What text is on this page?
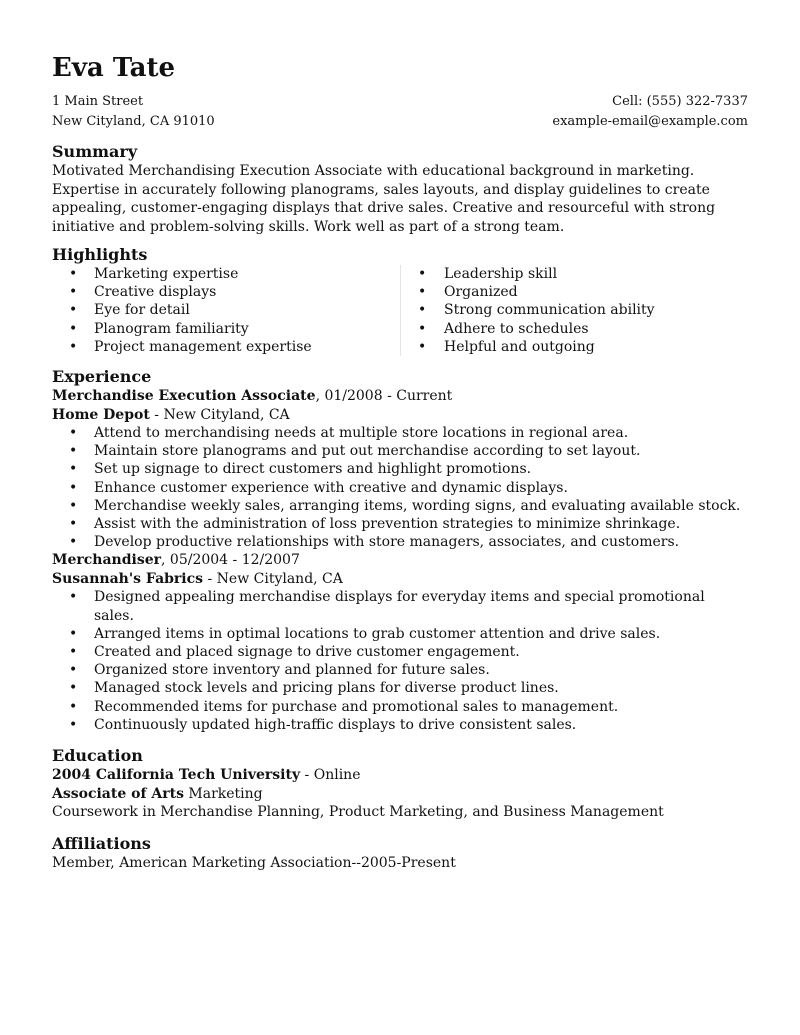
Eva Tate
1 Main Street	Cell: (555) 322-7337
New Cityland, CA 91010	example-email@example.com
Summary

Motivated Merchandising Execution Associate with educational background in marketing. Expertise in accurately following planograms, sales layouts, and display guidelines to create appealing, customer-engaging displays that drive sales. Creative and resourceful with strong initiative and problem-solving skills. Work well as part of a strong team.

Highlights
• Marketing expertise
• Creative displays
• Eye for detail
• Planogram familiarity
• Project management expertise
• Leadership skill
• Organized
• Strong communication ability
• Adhere to schedules
• Helpful and outgoing
Experience
Merchandise Execution Associate, 01/2008 - Current
Home Depot - New Cityland, CA
• Attend to merchandising needs at multiple store locations in regional area.
• Maintain store planograms and put out merchandise according to set layout.
• Set up signage to direct customers and highlight promotions.
• Enhance customer experience with creative and dynamic displays.
• Merchandise weekly sales, arranging items, wording signs, and evaluating available stock.
• Assist with the administration of loss prevention strategies to minimize shrinkage.
• Develop productive relationships with store managers, associates, and customers.
Merchandiser, 05/2004 - 12/2007
Susannah's Fabrics - New Cityland, CA
• Designed appealing merchandise displays for everyday items and special promotional sales.
• Arranged items in optimal locations to grab customer attention and drive sales.
• Created and placed signage to drive customer engagement.
• Organized store inventory and planned for future sales.
• Managed stock levels and pricing plans for diverse product lines.
• Recommended items for purchase and promotional sales to management.
• Continuously updated high-traffic displays to drive consistent sales.
Education
2004 California Tech University - Online
Associate of Arts Marketing
Coursework in Merchandise Planning, Product Marketing, and Business Management
Affiliations
Member, American Marketing Association--2005-Present
